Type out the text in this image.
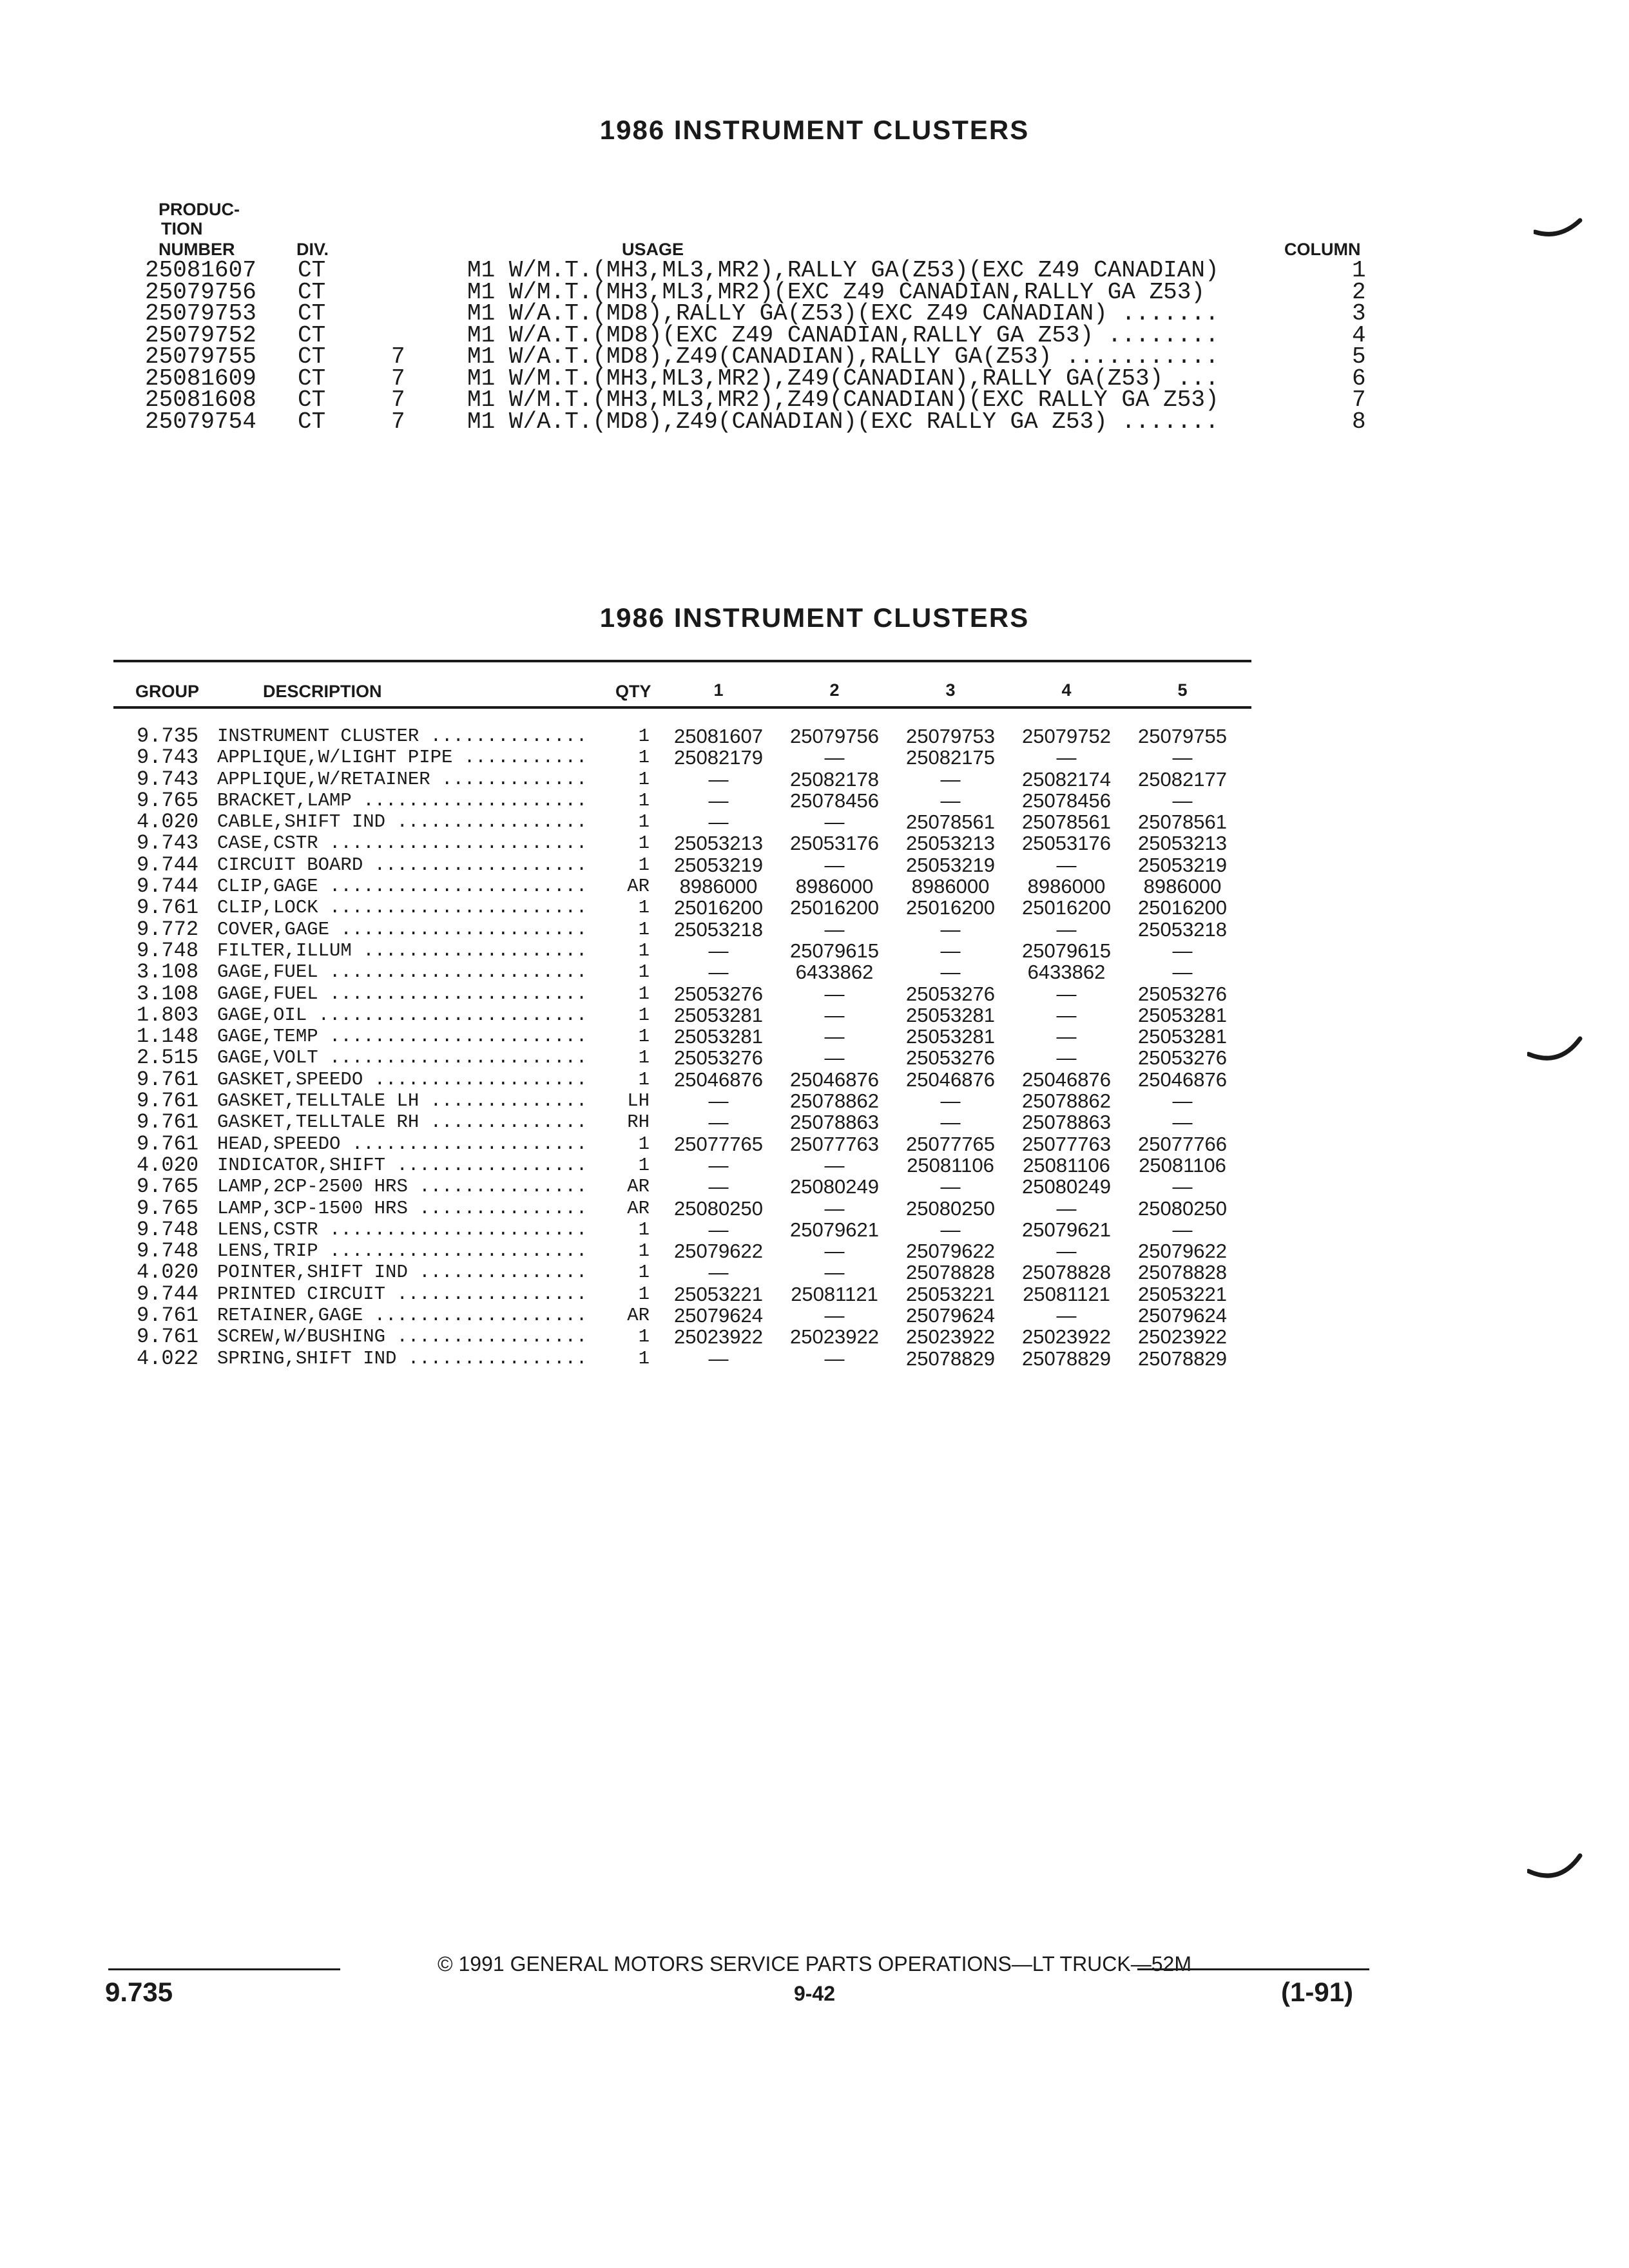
1986 INSTRUMENT CLUSTERS
1986 INSTRUMENT CLUSTERS
PRODUC-
TION
NUMBER	DIV.	USAGE	COLUMN
25081607 CT	M1 W/M.T.(MH3,ML3,MR2),RALLY GA(Z53)(EXC Z49 CANADIAN)	1
25079756 CT	M1 W/M.T.(MH3,ML3,MR2)(EXC Z49 CANADIAN,RALLY GA Z53)	2
25079753 CT	M1 W/A.T.(MD8),RALLY GA(Z53)(EXC Z49 CANADIAN) .......	3
25079752 CT	M1 W/A.T.(MD8)(EXC Z49 CANADIAN,RALLY GA Z53) ........	4
25079755 CT	7	M1 W/A.T.(MD8),Z49(CANADIAN),RALLY GA(Z53) ...........	5
25081609 CT	7	M1 W/M.T.(MH3,ML3,MR2),Z49(CANADIAN),RALLY GA(Z53) ...	6
25081608 CT	7	M1 W/M.T.(MH3,ML3,MR2),Z49(CANADIAN)(EXC RALLY GA Z53)	7
25079754 CT	7	M1 W/A.T.(MD8),Z49(CANADIAN)(EXC RALLY GA Z53) .......	8
GROUP	DESCRIPTION	QTY	1	2	3	4	5
9.735 INSTRUMENT CLUSTER ..............	1	25081607	25079756	25079753	25079752	25079755
9.743 APPLIQUE,W/LIGHT PIPE ...........	1	25082179	—	25082175	—	—
9.743 APPLIQUE,W/RETAINER .............	1	—	25082178	—	25082174	25082177
9.765 BRACKET,LAMP ....................	1	—	25078456	—	25078456	—
4.020 CABLE,SHIFT IND .................	1	—	—	25078561	25078561	25078561
9.743 CASE,CSTR .......................	1	25053213	25053176	25053213	25053176	25053213
9.744 CIRCUIT BOARD ...................	1	25053219	—	25053219	—	25053219
9.744 CLIP,GAGE .......................	AR	8986000	8986000	8986000	8986000	8986000
9.761 CLIP,LOCK .......................	1	25016200	25016200	25016200	25016200	25016200
9.772 COVER,GAGE ......................	1	25053218	—	—	—	25053218
9.748 FILTER,ILLUM ....................	1	—	25079615	—	25079615	—
3.108 GAGE,FUEL .......................	1	—	6433862	—	6433862	—
3.108 GAGE,FUEL .......................	1	25053276	—	25053276	—	25053276
1.803 GAGE,OIL ........................	1	25053281	—	25053281	—	25053281
1.148 GAGE,TEMP .......................	1	25053281	—	25053281	—	25053281
2.515 GAGE,VOLT .......................	1	25053276	—	25053276	—	25053276
9.761 GASKET,SPEEDO ...................	1	25046876	25046876	25046876	25046876	25046876
9.761 GASKET,TELLTALE LH ..............	LH	—	25078862	—	25078862	—
9.761 GASKET,TELLTALE RH ..............	RH	—	25078863	—	25078863	—
9.761 HEAD,SPEEDO .....................	1	25077765	25077763	25077765	25077763	25077766
4.020 INDICATOR,SHIFT .................	1	—	—	25081106	25081106	25081106
9.765 LAMP,2CP-2500 HRS ...............	AR	—	25080249	—	25080249	—
9.765 LAMP,3CP-1500 HRS ...............	AR	25080250	—	25080250	—	25080250
9.748 LENS,CSTR .......................	1	—	25079621	—	25079621	—
9.748 LENS,TRIP .......................	1	25079622	—	25079622	—	25079622
4.020 POINTER,SHIFT IND ...............	1	—	—	25078828	25078828	25078828
9.744 PRINTED CIRCUIT .................	1	25053221	25081121	25053221	25081121	25053221
9.761 RETAINER,GAGE ...................	AR	25079624	—	25079624	—	25079624
9.761 SCREW,W/BUSHING .................	1	25023922	25023922	25023922	25023922	25023922
4.022 SPRING,SHIFT IND ................	1	—	—	25078829	25078829	25078829
© 1991 GENERAL MOTORS SERVICE PARTS OPERATIONS—LT TRUCK—52M
9.735	9-42	(1-91)
